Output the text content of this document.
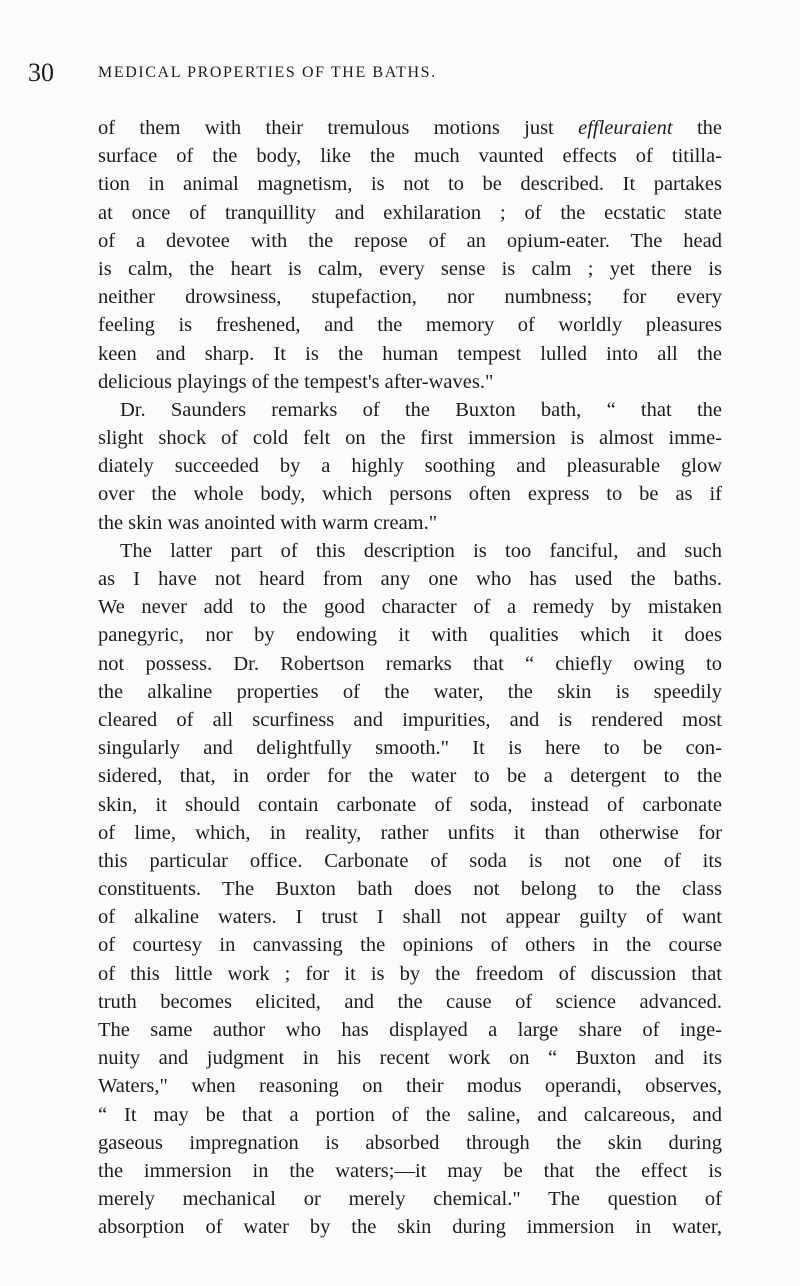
30	MEDICAL PROPERTIES OF THE BATHS.
of them with their tremulous motions just effleuraient the
surface of the body, like the much vaunted effects of titilla-
tion in animal magnetism, is not to be described. It partakes
at once of tranquillity and exhilaration ; of the ecstatic state
of a devotee with the repose of an opium-eater. The head
is calm, the heart is calm, every sense is calm ; yet there is
neither drowsiness, stupefaction, nor numbness; for every
feeling is freshened, and the memory of worldly pleasures
keen and sharp. It is the human tempest lulled into all the
delicious playings of the tempest's after-waves."
Dr. Saunders remarks of the Buxton bath, “ that the
slight shock of cold felt on the first immersion is almost imme-
diately succeeded by a highly soothing and pleasurable glow
over the whole body, which persons often express to be as if
the skin was anointed with warm cream."
The latter part of this description is too fanciful, and such
as I have not heard from any one who has used the baths.
We never add to the good character of a remedy by mistaken
panegyric, nor by endowing it with qualities which it does
not possess. Dr. Robertson remarks that “ chiefly owing to
the alkaline properties of the water, the skin is speedily
cleared of all scurfiness and impurities, and is rendered most
singularly and delightfully smooth." It is here to be con-
sidered, that, in order for the water to be a detergent to the
skin, it should contain carbonate of soda, instead of carbonate
of lime, which, in reality, rather unfits it than otherwise for
this particular office. Carbonate of soda is not one of its
constituents. The Buxton bath does not belong to the class
of alkaline waters. I trust I shall not appear guilty of want
of courtesy in canvassing the opinions of others in the course
of this little work ; for it is by the freedom of discussion that
truth becomes elicited, and the cause of science advanced.
The same author who has displayed a large share of inge-
nuity and judgment in his recent work on “ Buxton and its
Waters," when reasoning on their modus operandi, observes,
“ It may be that a portion of the saline, and calcareous, and
gaseous impregnation is absorbed through the skin during
the immersion in the waters;—it may be that the effect is
merely mechanical or merely chemical." The question of
absorption of water by the skin during immersion in water,
